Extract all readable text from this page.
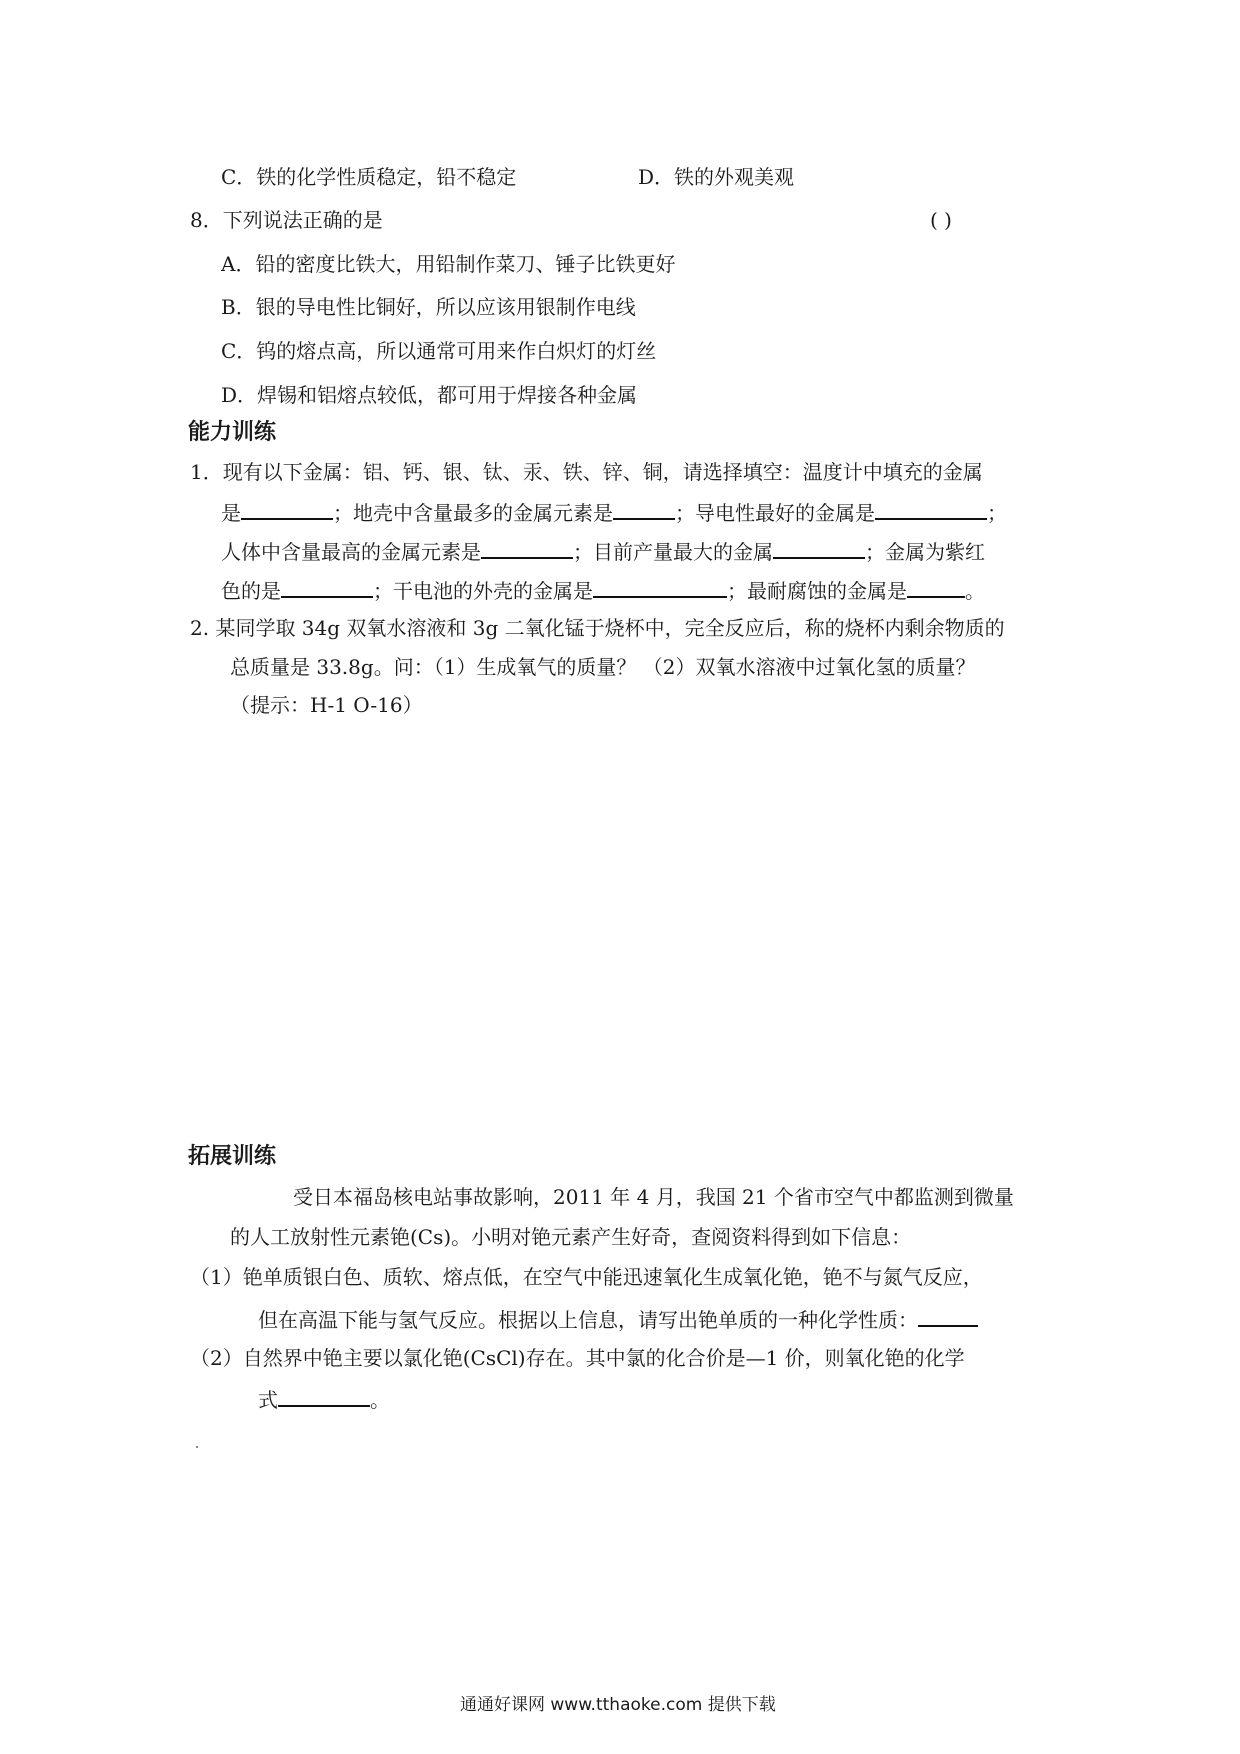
C．铁的化学性质稳定，铅不稳定	D．铁的外观美观
8．下列说法正确的是	( )
A．铅的密度比铁大，用铅制作菜刀、锤子比铁更好
B．银的导电性比铜好，所以应该用银制作电线
C．钨的熔点高，所以通常可用来作白炽灯的灯丝
D．焊锡和铝熔点较低，都可用于焊接各种金属
能力训练
1．现有以下金属：铝、钙、银、钛、汞、铁、锌、铜，请选择填空：温度计中填充的金属
是	；地壳中含量最多的金属元素是	；导电性最好的金属是	；
人体中含量最高的金属元素是	；目前产量最大的金属	；金属为紫红
色的是	；干电池的外壳的金属是	；最耐腐蚀的金属是	。
2. 某同学取 34g 双氧水溶液和 3g 二氧化锰于烧杯中，完全反应后，称的烧杯内剩余物质的
总质量是 33.8g。问：（1）生成氧气的质量？ （2）双氧水溶液中过氧化氢的质量？
（提示：H-1 O-16）
拓展训练
受日本福岛核电站事故影响，2011 年 4 月，我国 21 个省市空气中都监测到微量
的人工放射性元素铯(Cs)。小明对铯元素产生好奇，查阅资料得到如下信息：
（1）铯单质银白色、质软、熔点低，在空气中能迅速氧化生成氧化铯，铯不与氮气反应，
但在高温下能与氢气反应。根据以上信息，请写出铯单质的一种化学性质：
（2）自然界中铯主要以氯化铯(CsCl)存在。其中氯的化合价是—1 价，则氧化铯的化学
式	。
通通好课网 www.tthaoke.com 提供下载
